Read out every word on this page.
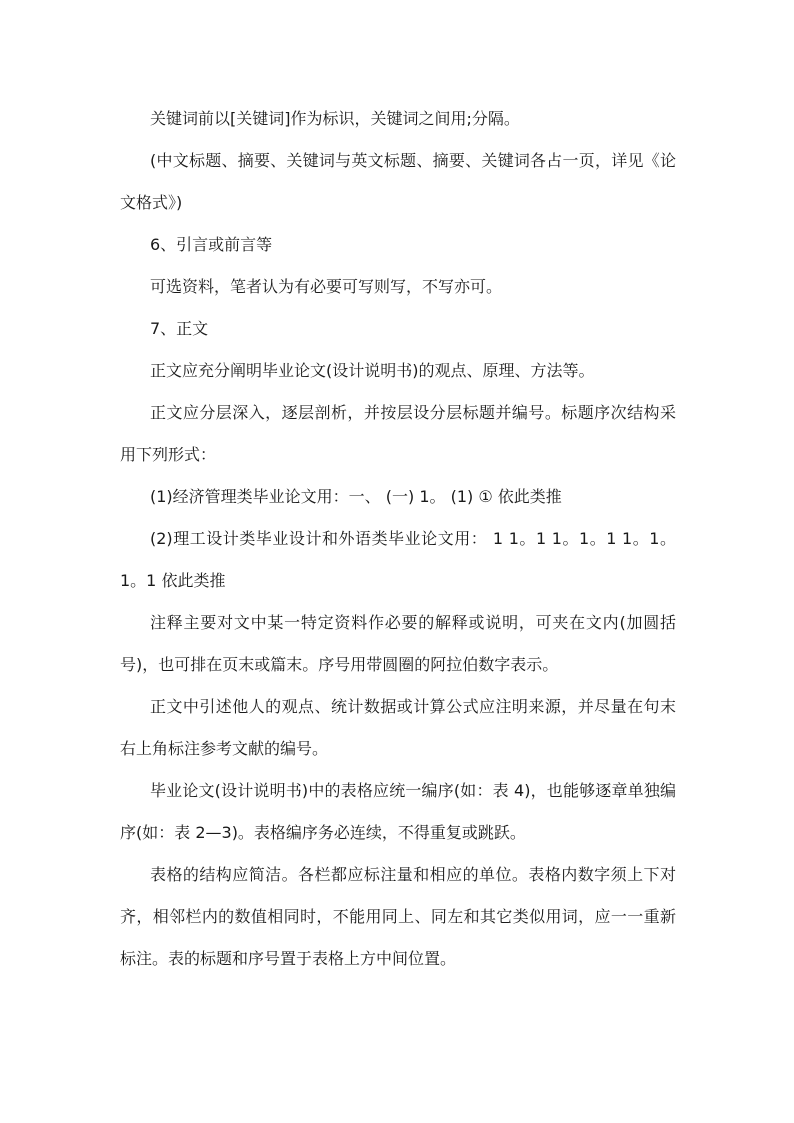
关键词前以[关键词]作为标识，关键词之间用;分隔。

(中文标题、摘要、关键词与英文标题、摘要、关键词各占一页，详见《论文格式》)

6、引言或前言等

可选资料，笔者认为有必要可写则写，不写亦可。

7、正文

正文应充分阐明毕业论文(设计说明书)的观点、原理、方法等。

正文应分层深入，逐层剖析，并按层设分层标题并编号。标题序次结构采用下列形式：

(1)经济管理类毕业论文用：一、 (一) 1。 (1) ① 依此类推

(2)理工设计类毕业设计和外语类毕业论文用： 1 1。1 1。1。1 1。1。1。1 依此类推

注释主要对文中某一特定资料作必要的解释或说明，可夹在文内(加圆括号)，也可排在页末或篇末。序号用带圆圈的阿拉伯数字表示。

正文中引述他人的观点、统计数据或计算公式应注明来源，并尽量在句末右上角标注参考文献的编号。

毕业论文(设计说明书)中的表格应统一编序(如：表 4)，也能够逐章单独编序(如：表 2—3)。表格编序务必连续，不得重复或跳跃。

表格的结构应简洁。各栏都应标注量和相应的单位。表格内数字须上下对齐，相邻栏内的数值相同时，不能用同上、同左和其它类似用词，应一一重新标注。表的标题和序号置于表格上方中间位置。
